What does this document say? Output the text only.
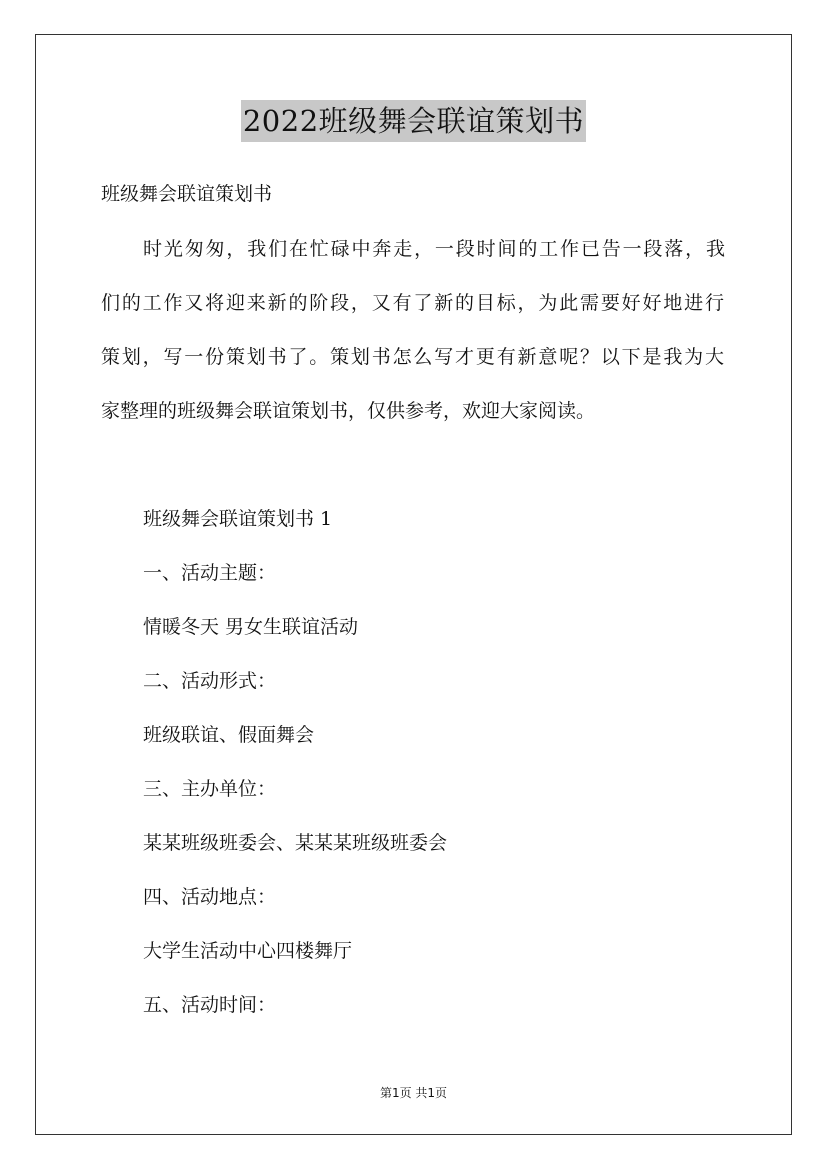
2022班级舞会联谊策划书

班级舞会联谊策划书

时光匆匆，我们在忙碌中奔走，一段时间的工作已告一段落，我

们的工作又将迎来新的阶段，又有了新的目标，为此需要好好地进行

策划，写一份策划书了。策划书怎么写才更有新意呢？以下是我为大

家整理的班级舞会联谊策划书，仅供参考，欢迎大家阅读。

班级舞会联谊策划书 1

一、活动主题：

情暖冬天 男女生联谊活动

二、活动形式：

班级联谊、假面舞会

三、主办单位：

某某班级班委会、某某某班级班委会

四、活动地点：

大学生活动中心四楼舞厅

五、活动时间：

第1页 共1页
